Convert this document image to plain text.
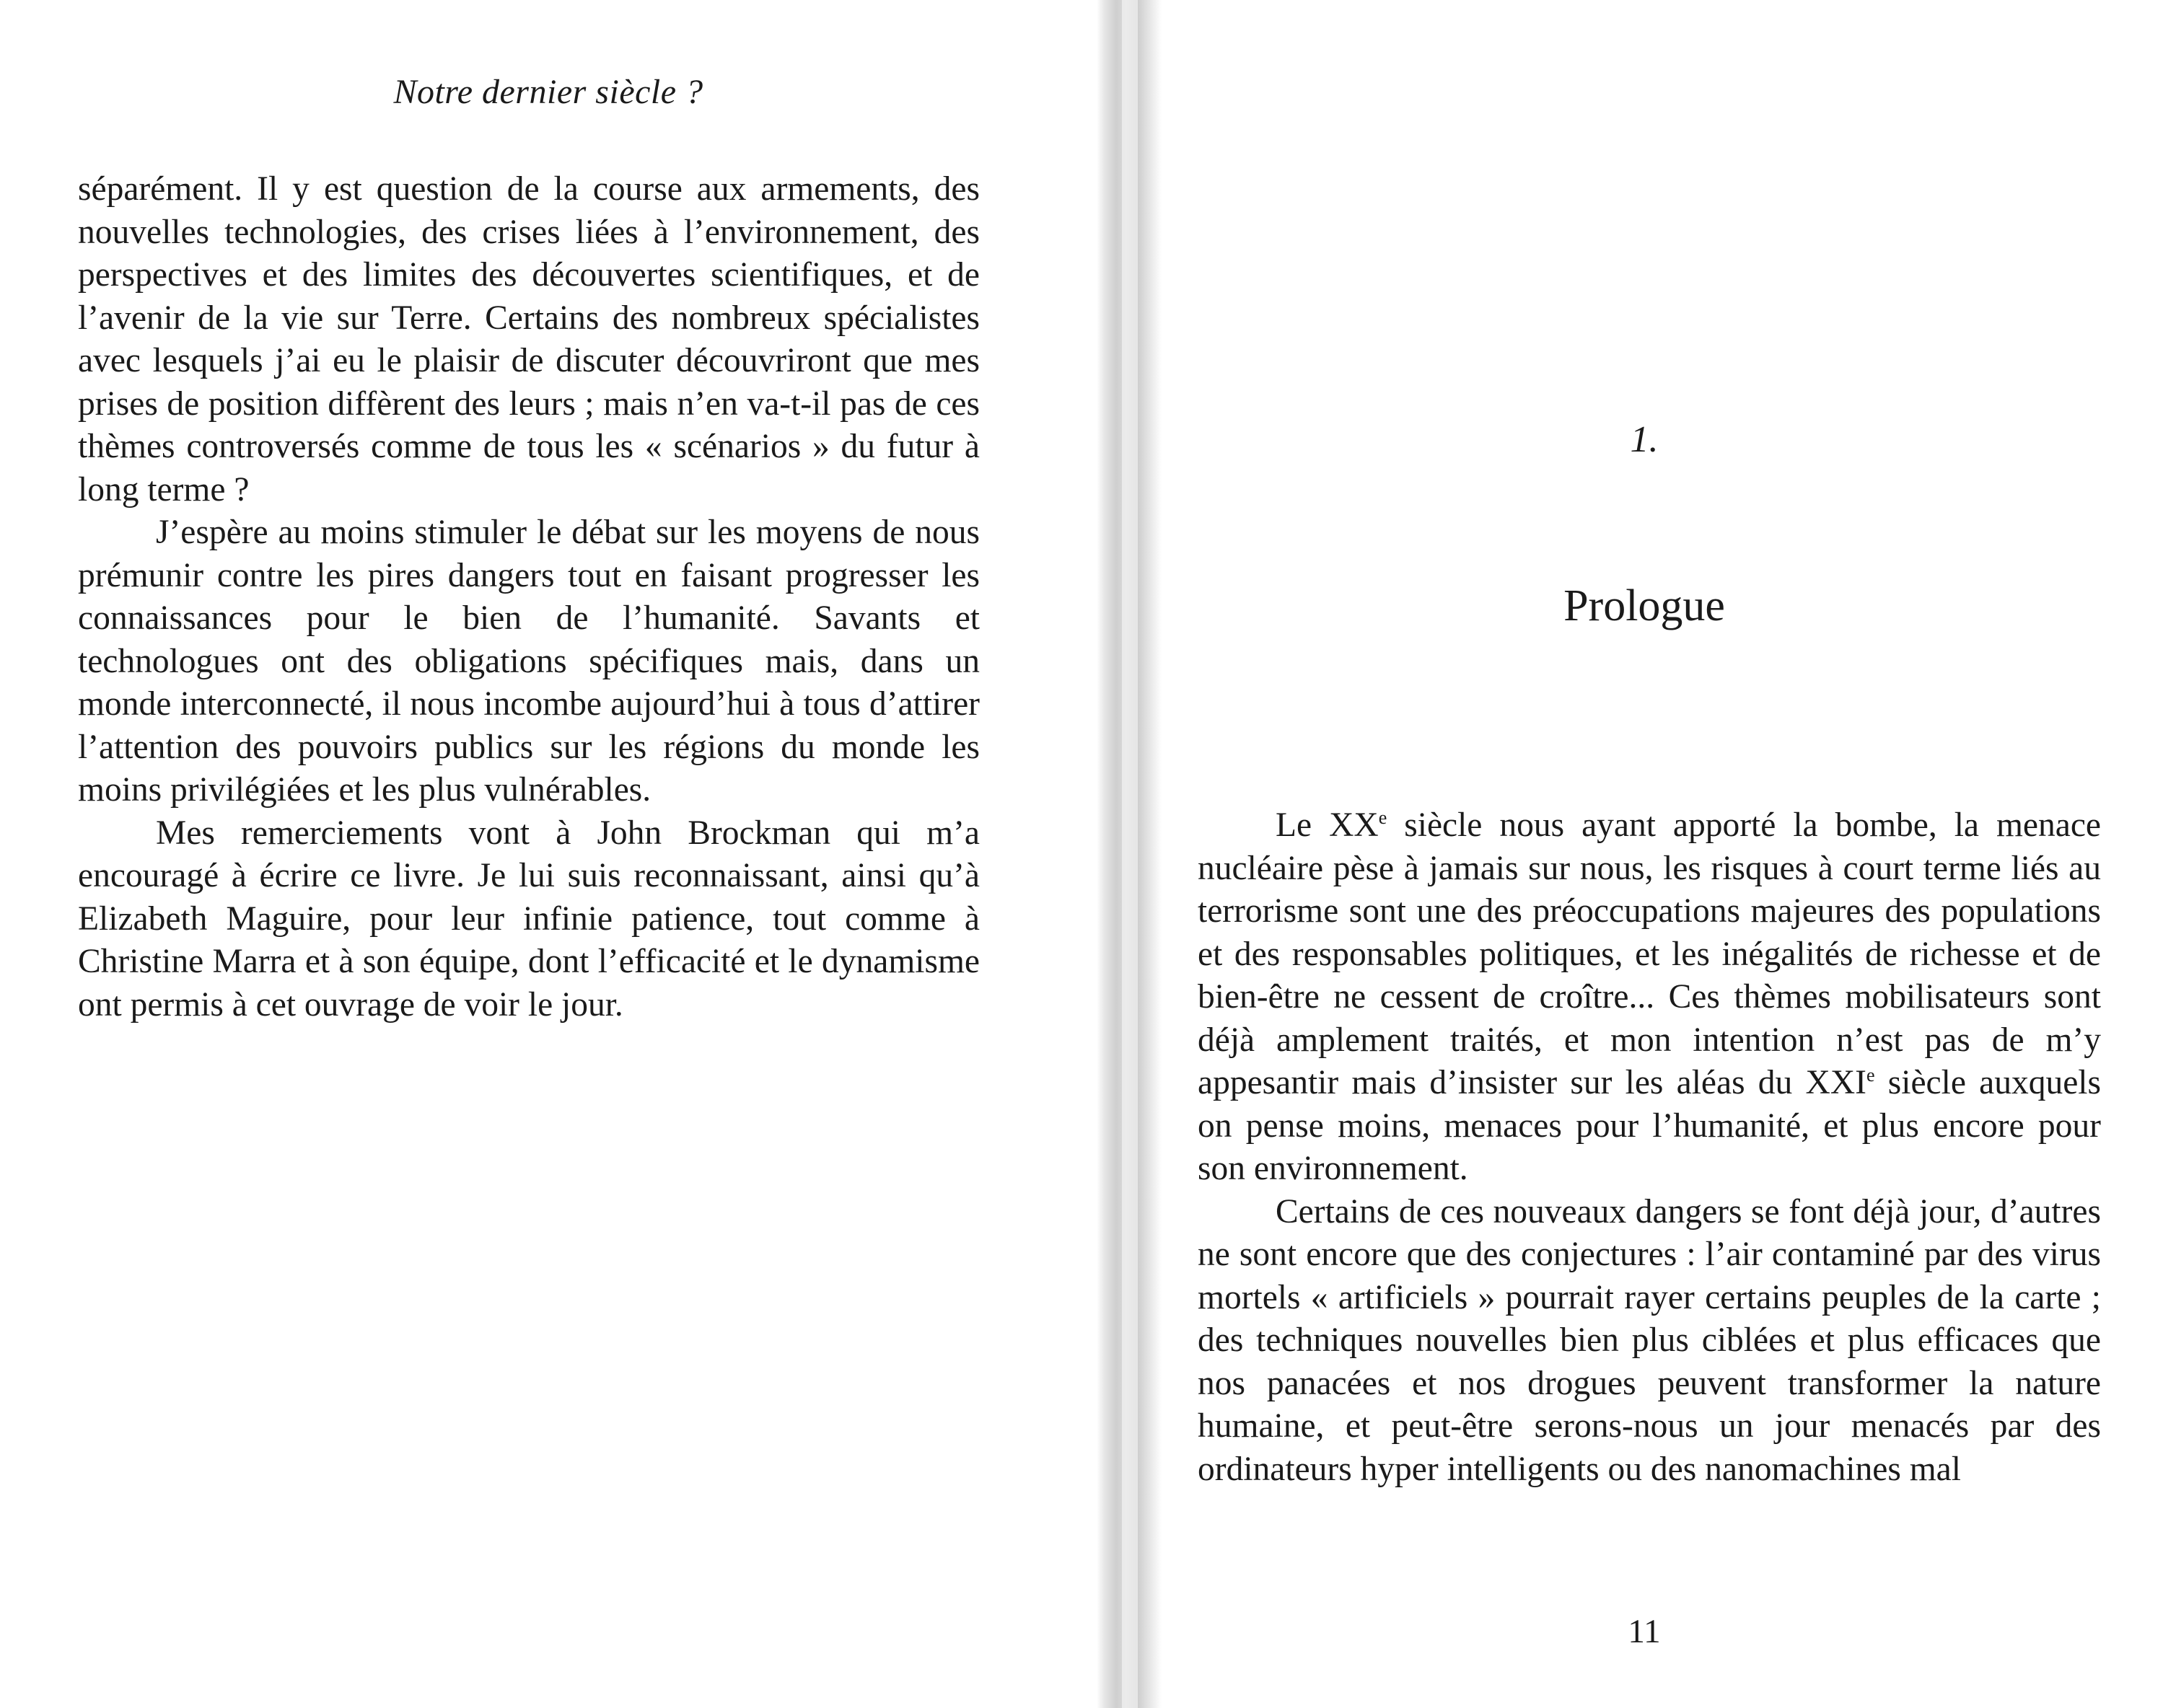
Notre dernier siècle ?

séparément. Il y est question de la course aux armements, des nouvelles technologies, des crises liées à l’environnement, des perspectives et des limites des découvertes scientifiques, et de l’avenir de la vie sur Terre. Certains des nombreux spécialistes avec lesquels j’ai eu le plaisir de discuter découvriront que mes prises de position diffèrent des leurs ; mais n’en va-t-il pas de ces thèmes controversés comme de tous les « scénarios » du futur à long terme ?

J’espère au moins stimuler le débat sur les moyens de nous prémunir contre les pires dangers tout en faisant progresser les connaissances pour le bien de l’humanité. Savants et technologues ont des obligations spécifiques mais, dans un monde interconnecté, il nous incombe aujourd’hui à tous d’attirer l’attention des pouvoirs publics sur les régions du monde les moins privilégiées et les plus vulnérables.

Mes remerciements vont à John Brockman qui m’a encouragé à écrire ce livre. Je lui suis reconnaissant, ainsi qu’à Elizabeth Maguire, pour leur infinie patience, tout comme à Christine Marra et à son équipe, dont l’efficacité et le dynamisme ont permis à cet ouvrage de voir le jour.

1.
Prologue

Le XXe siècle nous ayant apporté la bombe, la menace nucléaire pèse à jamais sur nous, les risques à court terme liés au terrorisme sont une des préoccupations majeures des populations et des responsables politiques, et les inégalités de richesse et de bien-être ne cessent de croître... Ces thèmes mobilisateurs sont déjà amplement traités, et mon intention n’est pas de m’y appesantir mais d’insister sur les aléas du XXIe siècle auxquels on pense moins, menaces pour l’humanité, et plus encore pour son environnement.

Certains de ces nouveaux dangers se font déjà jour, d’autres ne sont encore que des conjectures : l’air contaminé par des virus mortels « artificiels » pourrait rayer certains peuples de la carte ; des techniques nouvelles bien plus ciblées et plus efficaces que nos panacées et nos drogues peuvent transformer la nature humaine, et peut-être serons-nous un jour menacés par des ordinateurs hyper intelligents ou des nanomachines mal

11
